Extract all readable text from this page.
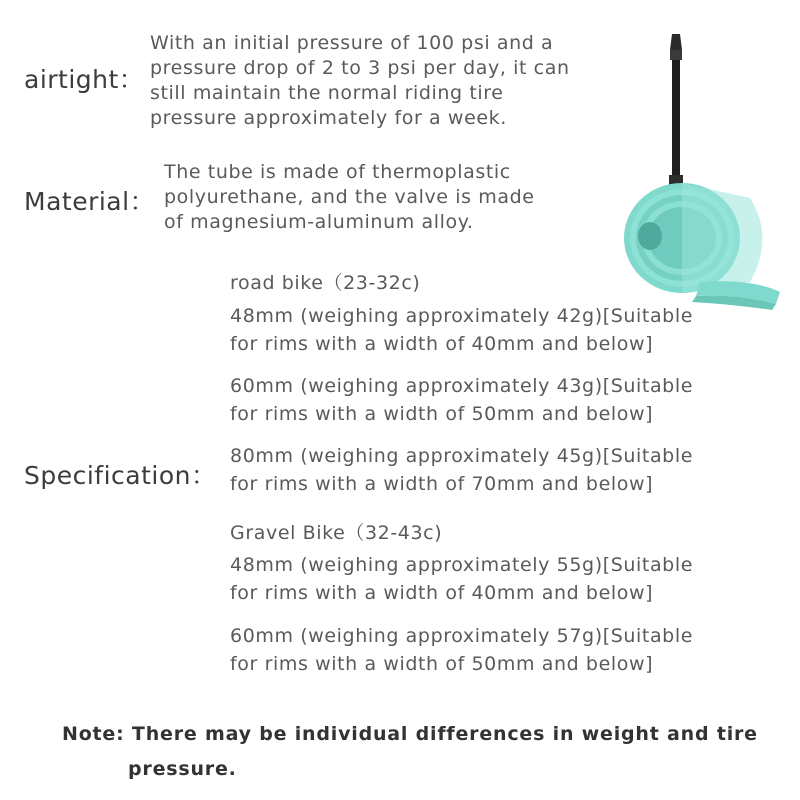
airtight：
With an initial pressure of 100 psi and a
pressure drop of 2 to 3 psi per day, it can
still maintain the normal riding tire
pressure approximately for a week.
Material：
The tube is made of thermoplastic
polyurethane, and the valve is made
of magnesium-aluminum alloy.
Specification：
road bike（23-32c)
48mm (weighing approximately 42g)[Suitable
for rims with a width of 40mm and below]
60mm (weighing approximately 43g)[Suitable
for rims with a width of 50mm and below]
80mm (weighing approximately 45g)[Suitable
for rims with a width of 70mm and below]
Gravel Bike（32-43c)
48mm (weighing approximately 55g)[Suitable
for rims with a width of 40mm and below]
60mm (weighing approximately 57g)[Suitable
for rims with a width of 50mm and below]
Note: There may be individual differences in weight and tire
pressure.
